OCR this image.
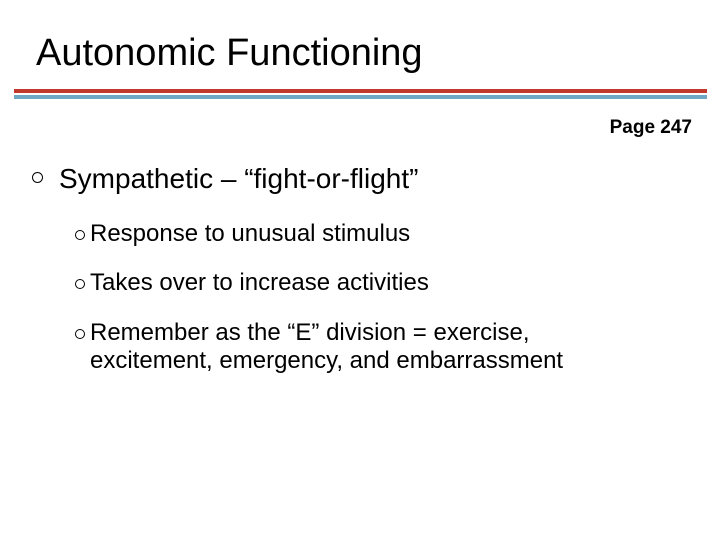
Autonomic Functioning
Page 247
Sympathetic – “fight-or-flight”
Response to unusual stimulus
Takes over to increase activities
Remember as the “E” division = exercise, excitement, emergency, and embarrassment
